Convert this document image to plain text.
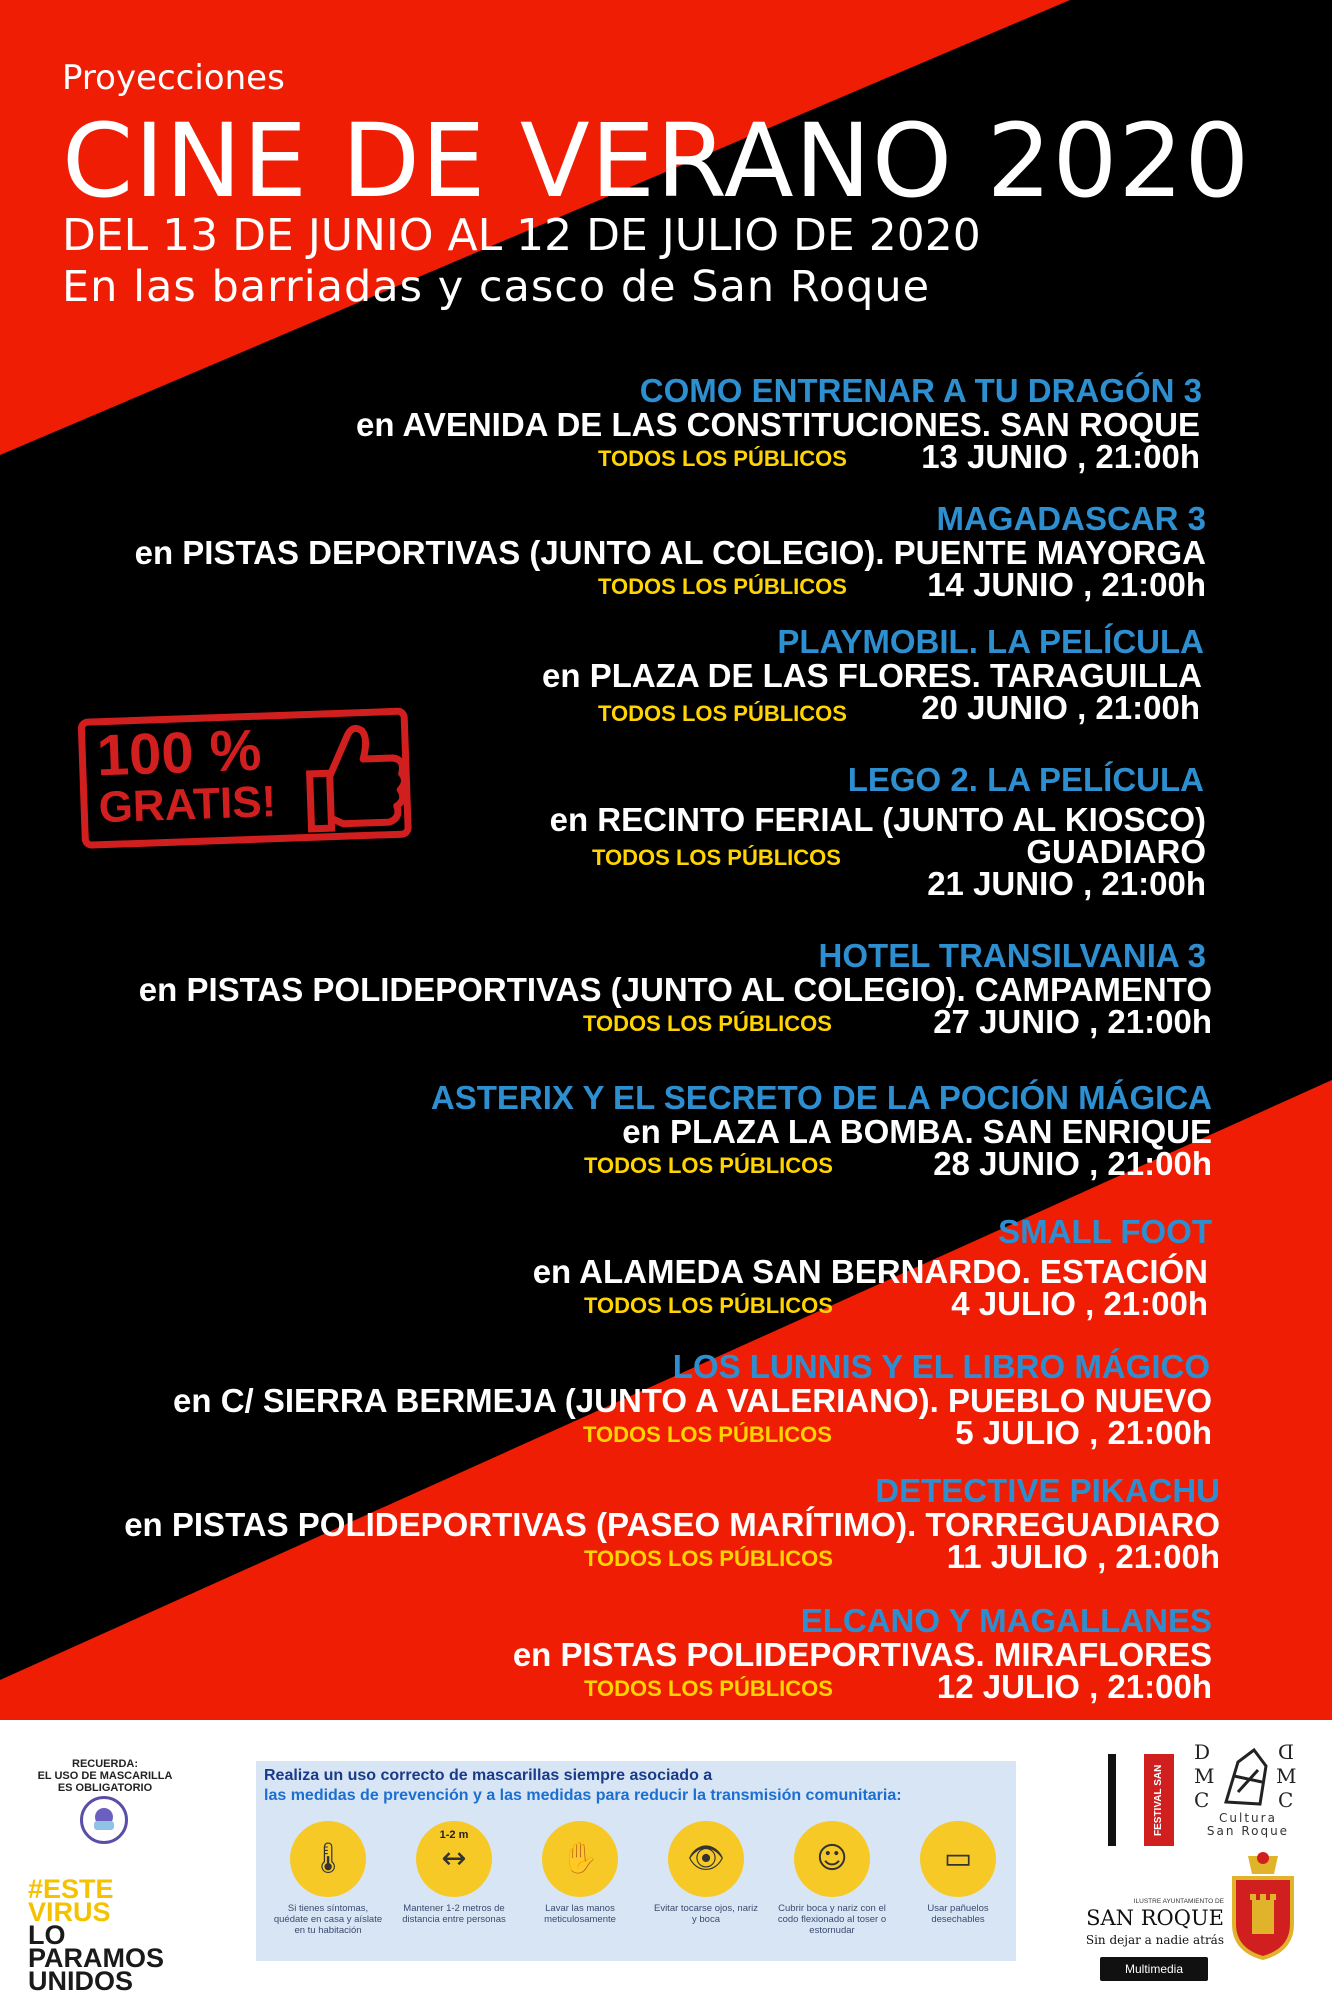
Proyecciones
CINE DE VERANO 2020
DEL 13 DE JUNIO AL 12 DE JULIO DE 2020
En las barriadas y casco de San Roque
COMO ENTRENAR A TU DRAGÓN 3
en AVENIDA DE LAS CONSTITUCIONES. SAN ROQUE
TODOS LOS PÚBLICOS 13 JUNIO , 21:00h
MAGADASCAR 3
en PISTAS DEPORTIVAS (JUNTO AL COLEGIO). PUENTE MAYORGA
TODOS LOS PÚBLICOS 14 JUNIO , 21:00h
PLAYMOBIL. LA PELÍCULA
en PLAZA DE LAS FLORES. TARAGUILLA
TODOS LOS PÚBLICOS 20 JUNIO , 21:00h
LEGO 2. LA PELÍCULA
en RECINTO FERIAL (JUNTO AL KIOSCO)
GUADIARO
TODOS LOS PÚBLICOS
21 JUNIO , 21:00h
HOTEL TRANSILVANIA 3
en PISTAS POLIDEPORTIVAS (JUNTO AL COLEGIO). CAMPAMENTO
TODOS LOS PÚBLICOS	27 JUNIO , 21:00h
ASTERIX Y EL SECRETO DE LA POCIÓN MÁGICA
en PLAZA LA BOMBA. SAN ENRIQUE
TODOS LOS PÚBLICOS	28 JUNIO , 21:00h
SMALL FOOT
en ALAMEDA SAN BERNARDO. ESTACIÓN
TODOS LOS PÚBLICOS	4 JULIO , 21:00h
LOS LUNNIS Y EL LIBRO MÁGICO
en C/ SIERRA BERMEJA (JUNTO A VALERIANO). PUEBLO NUEVO
TODOS LOS PÚBLICOS	5 JULIO , 21:00h
DETECTIVE PIKACHU
en PISTAS POLIDEPORTIVAS (PASEO MARÍTIMO). TORREGUADIARO
TODOS LOS PÚBLICOS	11 JULIO , 21:00h
ELCANO Y MAGALLANES
en PISTAS POLIDEPORTIVAS. MIRAFLORES
TODOS LOS PÚBLICOS	12 JULIO , 21:00h
100 %
GRATIS!
RECUERDA:
EL USO DE MASCARILLA
ES OBLIGATORIO
#ESTE
VIRUS
LO
PARAMOS
UNIDOS
Realiza un uso correcto de mascarillas siempre asociado a
las medidas de prevención y a las medidas para reducir la transmisión comunitaria:
🌡
Si tienes síntomas, quédate en casa y aíslate en tu habitación
↔
1-2 m
Mantener 1-2 metros de distancia entre personas
✋
Lavar las manos meticulosamente
👁
Evitar tocarse ojos, nariz y boca
☺
Cubrir boca y nariz con el codo flexionado al toser o estornudar
▭
Usar pañuelos desechables
FESTIVAL SAN ROQUE
D	D
M	M
C	C
Cultura
San Roque
ILUSTRE AYUNTAMIENTO DE
SAN ROQUE
Sin dejar a nadie atrás
Multimedia
